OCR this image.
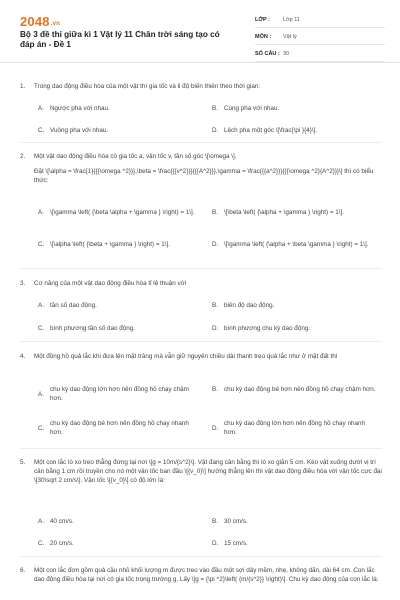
2048.vn
Bộ 3 đề thi giữa kì 1 Vật lý 11 Chân trời sáng tạo có đáp án - Đề 1
LỚP :	Lớp 11
MÔN :	Vật lý
SỐ CÂU : 30
1. Trong dao động điều hòa của một vật thì gia tốc và li độ biến thiên theo thời gian:
A. Ngược pha với nhau.	B. Cùng pha với nhau.
C. Vuông pha với nhau.	D. Lệch pha một góc \[\frac{\pi }{4}\].
2. Một vật dao động điều hòa có gia tốc a, vận tốc v, tần số góc \[\omega \].
Đặt \[\alpha = \frac{1}{{{\omega ^2}}},\beta = \frac{{{v^2}}}{{{A^2}}},\gamma = \frac{{{a^2}}}{{{\omega ^2}{A^2}}}\] thì có biểu thức:
A. \[\gamma \left( {\beta \alpha + \gamma } \right) = 1\].	B. \[\beta \left( {\alpha + \gamma } \right) = 1\].
C. \[\alpha \left( {\beta + \gamma } \right) = 1\].	D. \[\gamma \left( {\alpha + \beta \gamma } \right) = 1\].
3. Cơ năng của một vật dao động điều hòa tỉ lệ thuận với
A. tần số dao động.	B. biên độ dao động.
C. bình phương tần số dao động.	D. bình phương chu kỳ dao động.
4. Một đồng hồ quả lắc khi đưa lên mặt trăng mà vẫn giữ nguyên chiều dài thanh treo quả lắc như ở mặt đất thì
A.
chu kỳ dao động lớn hơn nên đồng hồ chạy chậm hơn.
B. chu kỳ dao động bé hơn nên đồng hồ chạy chậm hơn.
C.
chu kỳ dao động bé hơn nên đồng hồ chạy nhanh hơn.
D.
chu kỳ dao động lớn hơn nên đồng hồ chạy nhanh hơn.
5. Một con lắc lò xo treo thẳng đứng tại nơi \[g = 10m/{s^2}\]. Vật đang cân bằng thì lò xo giãn 5 cm. Kéo vật xuống dưới vị trí cân bằng 1 cm rồi truyền cho nó một vận tốc ban đầu \[{v_0}\] hướng thẳng lên thì vật dao động điều hòa với vận tốc cực đại \[30\sqrt 2 cm/s\]. Vận tốc \[{v_0}\] có độ lớn là:
A. 40 cm/s.	B. 30 cm/s.
C. 20 cm/s.	D. 15 cm/s.
6. Một con lắc đơn gồm quả cầu nhỏ khối lượng m được treo vào đầu một sợi dây mềm, nhẹ, không dãn, dài 64 cm. Con lắc dao động điều hòa tại nơi có gia tốc trọng trường g. Lấy \[g = {\pi ^2}\left( {m/{s^2}} \right)\]. Chu kỳ dao động của con lắc là:
